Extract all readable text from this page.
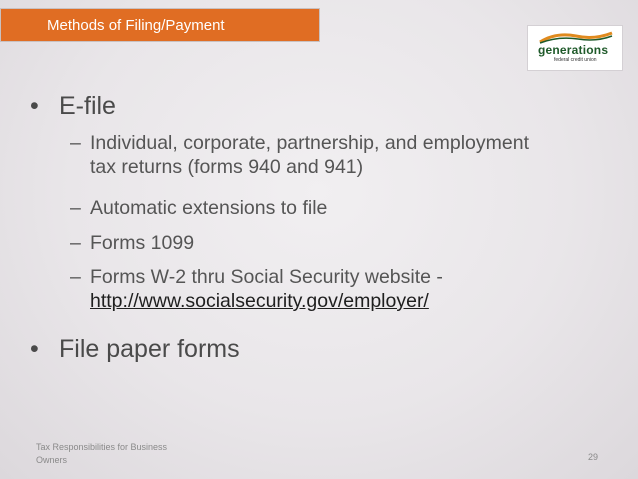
Methods of Filing/Payment
generations
federal credit union
• E-file
– Individual, corporate, partnership, and employment tax returns (forms 940 and 941)
– Automatic extensions to file
– Forms 1099
– Forms W-2 thru Social Security website -
http://www.socialsecurity.gov/employer/
• File paper forms
Tax Responsibilities for Business Owners	29
